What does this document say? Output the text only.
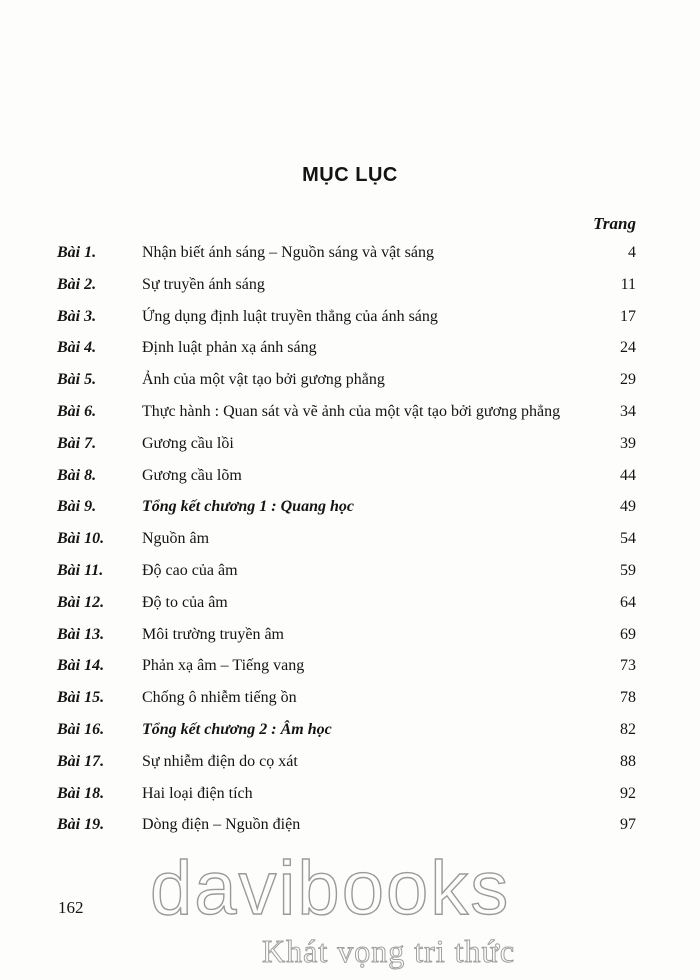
MỤC LỤC
Trang
Bài 1.	Nhận biết ánh sáng – Nguồn sáng và vật sáng	4
Bài 2.	Sự truyền ánh sáng	11
Bài 3.	Ứng dụng định luật truyền thẳng của ánh sáng	17
Bài 4.	Định luật phản xạ ánh sáng	24
Bài 5.	Ảnh của một vật tạo bởi gương phẳng	29
Bài 6.	Thực hành : Quan sát và vẽ ảnh của một vật tạo bởi gương phẳng	34
Bài 7.	Gương cầu lồi	39
Bài 8.	Gương cầu lõm	44
Bài 9.	Tổng kết chương 1 : Quang học	49
Bài 10. Nguồn âm	54
Bài 11. Độ cao của âm	59
Bài 12. Độ to của âm	64
Bài 13. Môi trường truyền âm	69
Bài 14. Phản xạ âm – Tiếng vang	73
Bài 15. Chống ô nhiễm tiếng ồn	78
Bài 16. Tổng kết chương 2 : Âm học	82
Bài 17. Sự nhiễm điện do cọ xát	88
Bài 18. Hai loại điện tích	92
Bài 19. Dòng điện – Nguồn điện	97
162 davibooks
Khát vọng tri thức
